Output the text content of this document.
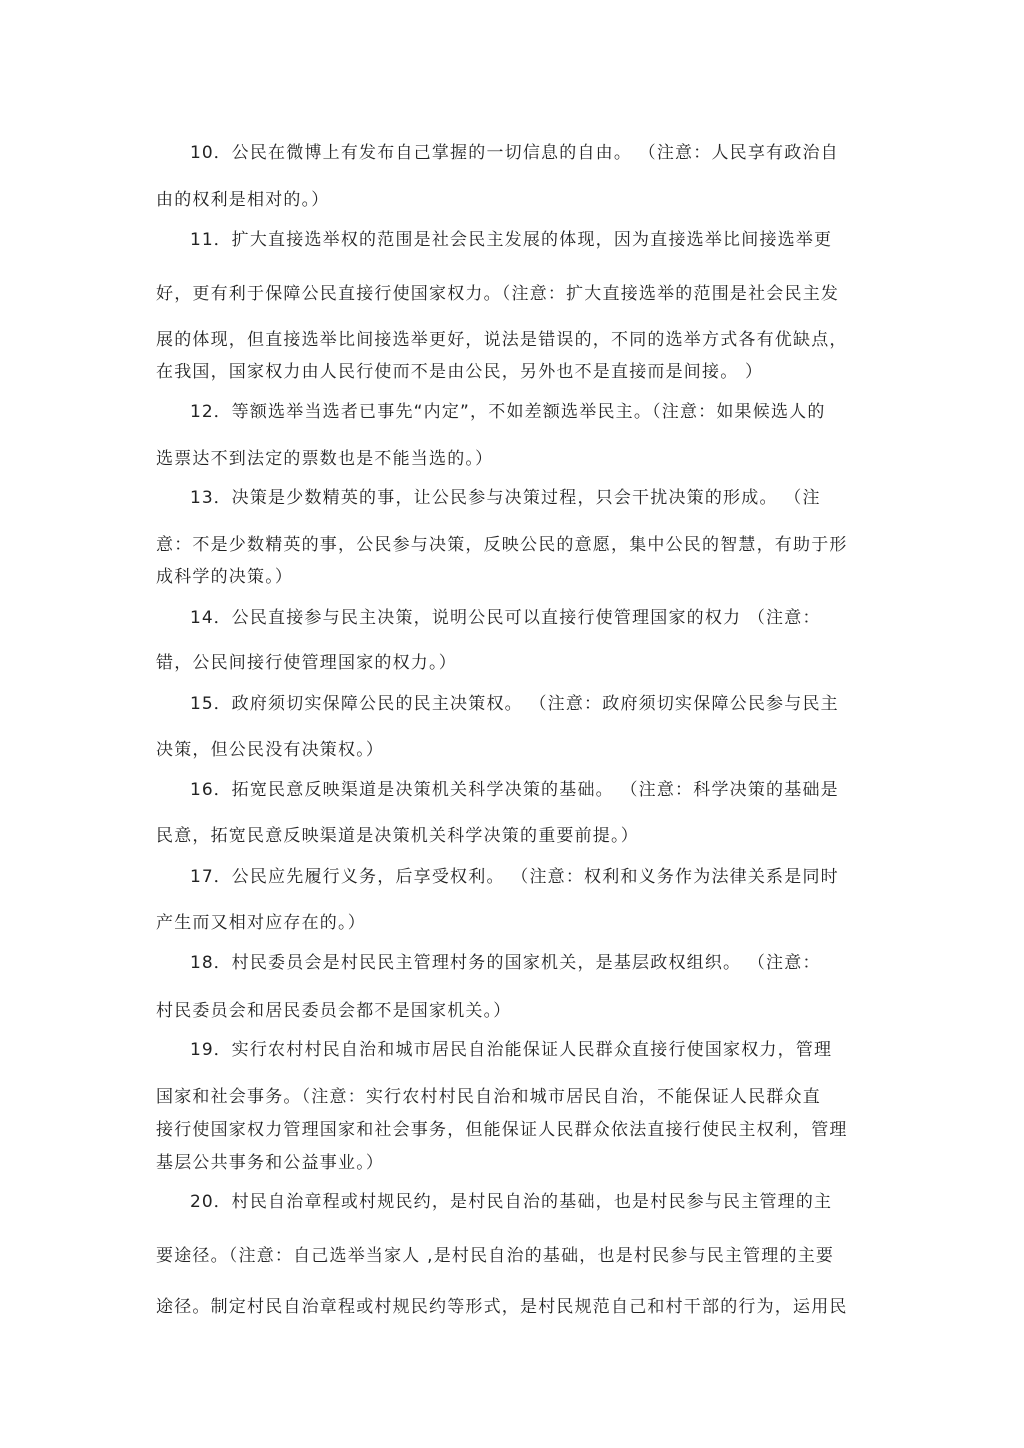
10．公民在微博上有发布自己掌握的一切信息的自由。 （注意：人民享有政治自
由的权利是相对的。）
11．扩大直接选举权的范围是社会民主发展的体现，因为直接选举比间接选举更
好，更有利于保障公民直接行使国家权力。（注意：扩大直接选举的范围是社会民主发
展的体现，但直接选举比间接选举更好，说法是错误的，不同的选举方式各有优缺点，
在我国，国家权力由人民行使而不是由公民，另外也不是直接而是间接。 ）
12．等额选举当选者已事先“内定”，不如差额选举民主。（注意：如果候选人的
选票达不到法定的票数也是不能当选的。）
13．决策是少数精英的事，让公民参与决策过程，只会干扰决策的形成。 （注
意：不是少数精英的事，公民参与决策，反映公民的意愿，集中公民的智慧，有助于形
成科学的决策。）
14．公民直接参与民主决策，说明公民可以直接行使管理国家的权力 （注意：
错，公民间接行使管理国家的权力。）
15．政府须切实保障公民的民主决策权。 （注意：政府须切实保障公民参与民主
决策，但公民没有决策权。）
16．拓宽民意反映渠道是决策机关科学决策的基础。 （注意：科学决策的基础是
民意，拓宽民意反映渠道是决策机关科学决策的重要前提。）
17．公民应先履行义务，后享受权利。 （注意：权利和义务作为法律关系是同时
产生而又相对应存在的。）
18．村民委员会是村民民主管理村务的国家机关，是基层政权组织。 （注意：
村民委员会和居民委员会都不是国家机关。）
19．实行农村村民自治和城市居民自治能保证人民群众直接行使国家权力，管理
国家和社会事务。（注意：实行农村村民自治和城市居民自治，不能保证人民群众直
接行使国家权力管理国家和社会事务，但能保证人民群众依法直接行使民主权利，管理
基层公共事务和公益事业。）
20．村民自治章程或村规民约，是村民自治的基础，也是村民参与民主管理的主
要途径。（注意：自己选举当家人 ,是村民自治的基础，也是村民参与民主管理的主要
途径。制定村民自治章程或村规民约等形式，是村民规范自己和村干部的行为，运用民
